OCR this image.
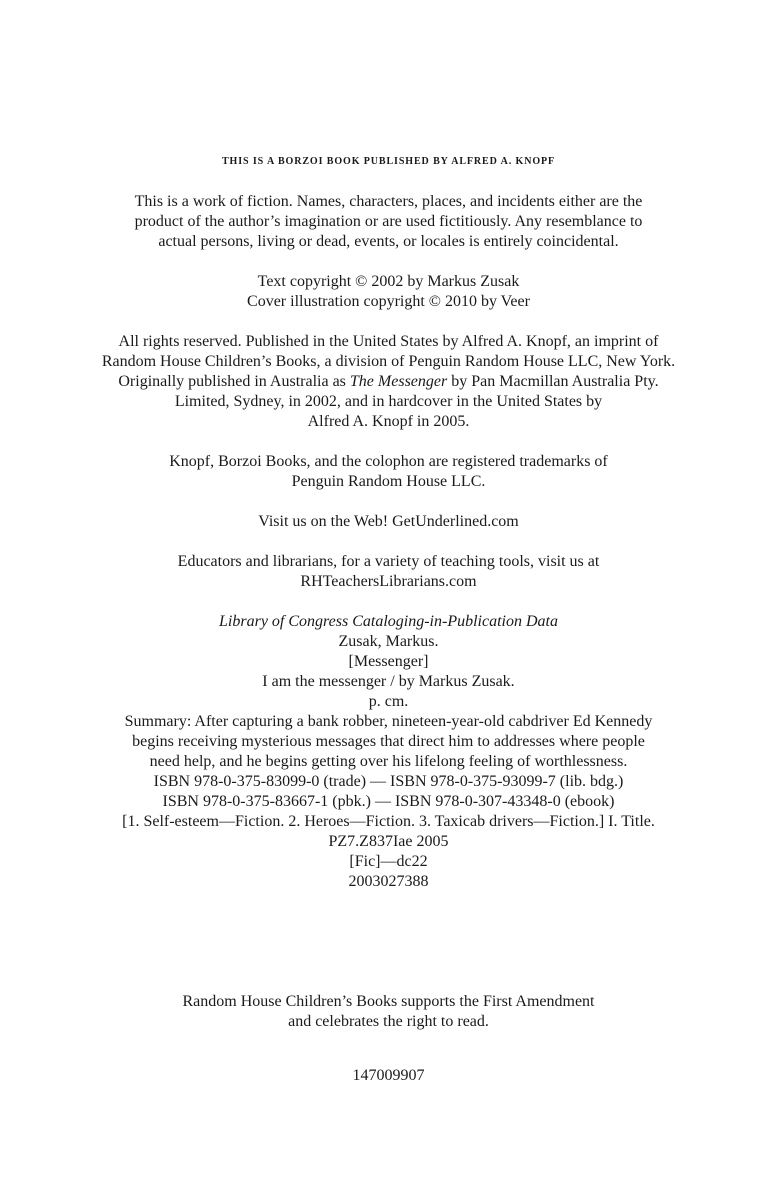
THIS IS A BORZOI BOOK PUBLISHED BY ALFRED A. KNOPF
This is a work of fiction. Names, characters, places, and incidents either are the
product of the author’s imagination or are used fictitiously. Any resemblance to
actual persons, living or dead, events, or locales is entirely coincidental.
Text copyright © 2002 by Markus Zusak
Cover illustration copyright © 2010 by Veer
All rights reserved. Published in the United States by Alfred A. Knopf, an imprint of
Random House Children’s Books, a division of Penguin Random House LLC, New York.
Originally published in Australia as The Messenger by Pan Macmillan Australia Pty.
Limited, Sydney, in 2002, and in hardcover in the United States by
Alfred A. Knopf in 2005.
Knopf, Borzoi Books, and the colophon are registered trademarks of
Penguin Random House LLC.
Visit us on the Web! GetUnderlined.com
Educators and librarians, for a variety of teaching tools, visit us at
RHTeachersLibrarians.com
Library of Congress Cataloging-in-Publication Data
Zusak, Markus.
[Messenger]
I am the messenger / by Markus Zusak.
p. cm.
Summary: After capturing a bank robber, nineteen-year-old cabdriver Ed Kennedy
begins receiving mysterious messages that direct him to addresses where people
need help, and he begins getting over his lifelong feeling of worthlessness.
ISBN 978-0-375-83099-0 (trade) — ISBN 978-0-375-93099-7 (lib. bdg.)
ISBN 978-0-375-83667-1 (pbk.) — ISBN 978-0-307-43348-0 (ebook)
[1. Self-esteem—Fiction. 2. Heroes—Fiction. 3. Taxicab drivers—Fiction.] I. Title.
PZ7.Z837Iae 2005
[Fic]—dc22
2003027388
Random House Children’s Books supports the First Amendment
and celebrates the right to read.
147009907
